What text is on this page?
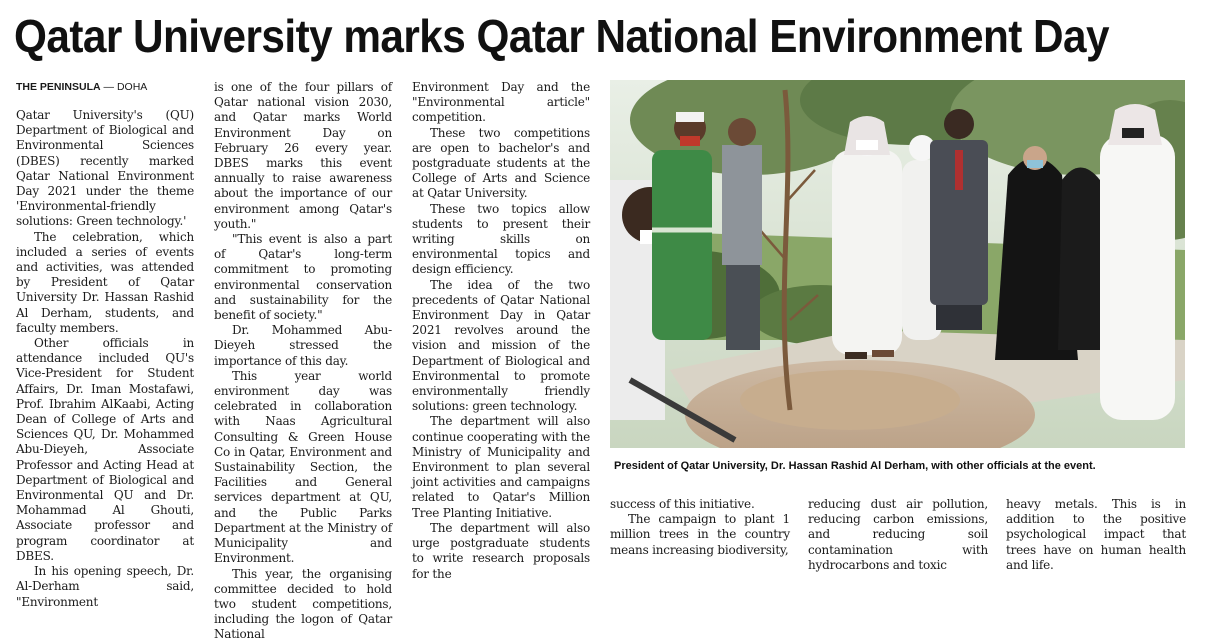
Qatar University marks Qatar National Environment Day

THE PENINSULA — DOHA

Qatar University's (QU) Department of Biological and Environmental Sciences (DBES) recently marked Qatar National Environment Day 2021 under the theme 'Environmental-friendly solutions: Green technology.'

The celebration, which included a series of events and activities, was attended by President of Qatar University Dr. Hassan Rashid Al Derham, students, and faculty members.

Other officials in attendance included QU's Vice-President for Student Affairs, Dr. Iman Mostafawi, Prof. Ibrahim AlKaabi, Acting Dean of College of Arts and Sciences QU, Dr. Mohammed Abu-Dieyeh, Associate Professor and Acting Head at Department of Biological and Environmental QU and Dr. Mohammad Al Ghouti, Associate professor and program coordinator at DBES.

In his opening speech, Dr. Al-Derham said, "Environment

is one of the four pillars of Qatar national vision 2030, and Qatar marks World Environment Day on February 26 every year. DBES marks this event annually to raise awareness about the importance of our environment among Qatar's youth."

"This event is also a part of Qatar's long-term commitment to promoting environmental conservation and sustainability for the benefit of society."

Dr. Mohammed Abu-Dieyeh stressed the importance of this day.

This year world environment day was celebrated in collaboration with Naas Agricultural Consulting & Green House Co in Qatar, Environment and Sustainability Section, the Facilities and General services department at QU, and the Public Parks Department at the Ministry of Municipality and Environment.

This year, the organising committee decided to hold two student competitions, including the logon of Qatar National

Environment Day and the "Environmental article" competition.

These two competitions are open to bachelor's and postgraduate students at the College of Arts and Science at Qatar University.

These two topics allow students to present their writing skills on environmental topics and design efficiency.

The idea of the two precedents of Qatar National Environment Day in Qatar 2021 revolves around the vision and mission of the Department of Biological and Environmental to promote environmentally friendly solutions: green technology.

The department will also continue cooperating with the Ministry of Municipality and Environment to plan several joint activities and campaigns related to Qatar's Million Tree Planting Initiative.

The department will also urge postgraduate students to write research proposals for the

President of Qatar University, Dr. Hassan Rashid Al Derham, with other officials at the event.

success of this initiative.

The campaign to plant 1 million trees in the country means increasing biodiversity,

reducing dust air pollution, reducing carbon emissions, and reducing soil contamination with hydrocarbons and toxic

heavy metals. This is in addition to the positive psychological impact that trees have on human health and life.
